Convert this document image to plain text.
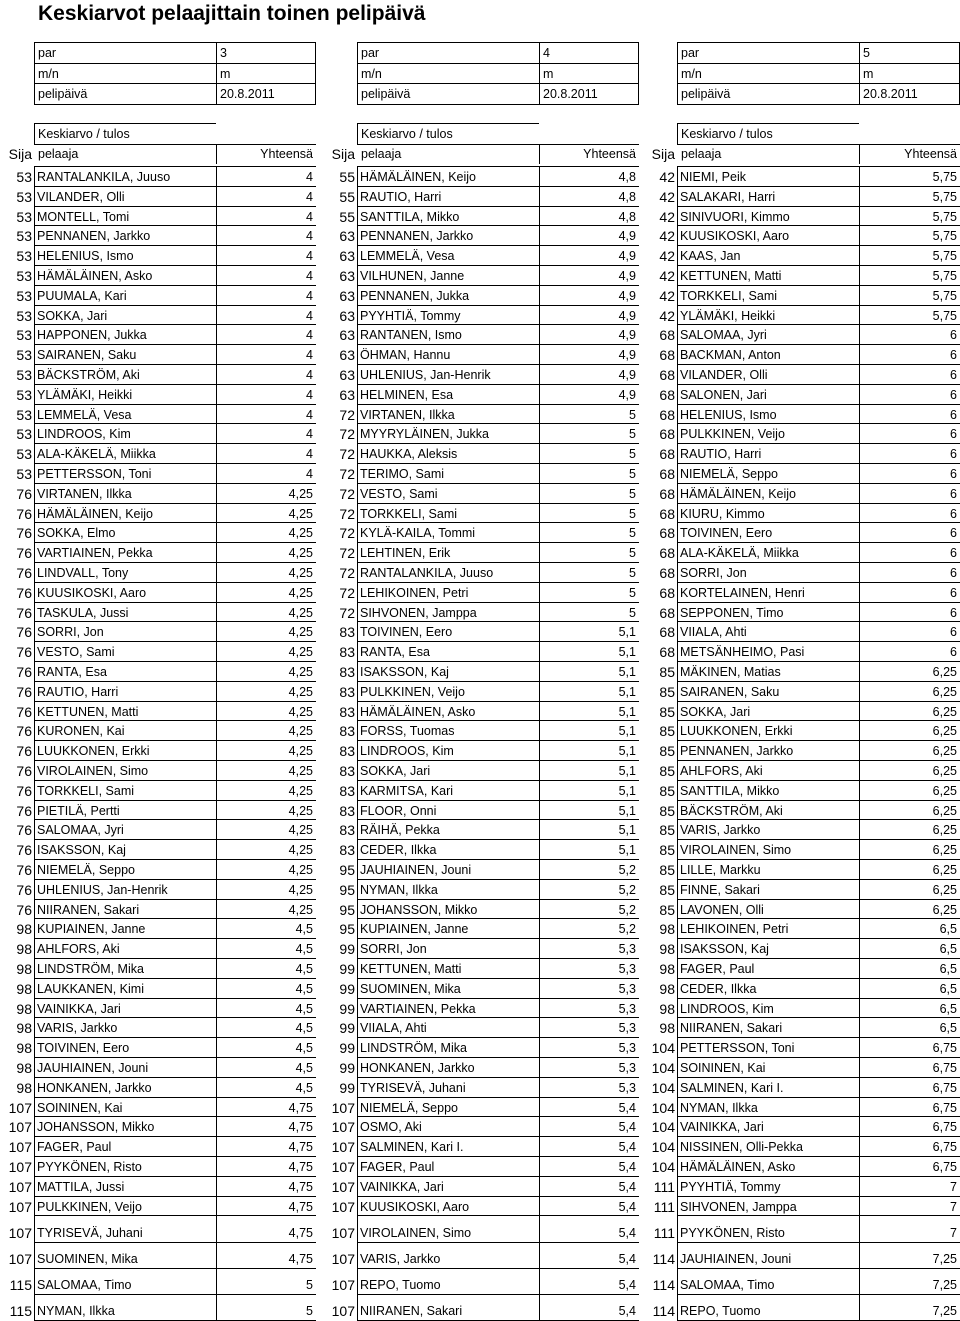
Keskiarvot pelaajittain toinen pelipäivä
par	3
m/n	m
pelipäivä	20.8.2011
Keskiarvo / tulos
Sija pelaaja	Yhteensä
53 RANTALANKILA, Juuso	4
53 VILANDER, Olli	4
53 MONTELL, Tomi	4
53 PENNANEN, Jarkko	4
53 HELENIUS, Ismo	4
53 HÄMÄLÄINEN, Asko	4
53 PUUMALA, Kari	4
53 SOKKA, Jari	4
53 HAPPONEN, Jukka	4
53 SAIRANEN, Saku	4
53 BÄCKSTRÖM, Aki	4
53 YLÄMÄKI, Heikki	4
53 LEMMELÄ, Vesa	4
53 LINDROOS, Kim	4
53 ALA-KÄKELÄ, Miikka	4
53 PETTERSSON, Toni	4
76 VIRTANEN, Ilkka	4,25
76 HÄMÄLÄINEN, Keijo	4,25
76 SOKKA, Elmo	4,25
76 VARTIAINEN, Pekka	4,25
76 LINDVALL, Tony	4,25
76 KUUSIKOSKI, Aaro	4,25
76 TASKULA, Jussi	4,25
76 SORRI, Jon	4,25
76 VESTO, Sami	4,25
76 RANTA, Esa	4,25
76 RAUTIO, Harri	4,25
76 KETTUNEN, Matti	4,25
76 KURONEN, Kai	4,25
76 LUUKKONEN, Erkki	4,25
76 VIROLAINEN, Simo	4,25
76 TORKKELI, Sami	4,25
76 PIETILÄ, Pertti	4,25
76 SALOMAA, Jyri	4,25
76 ISAKSSON, Kaj	4,25
76 NIEMELÄ, Seppo	4,25
76 UHLENIUS, Jan-Henrik	4,25
76 NIIRANEN, Sakari	4,25
98 KUPIAINEN, Janne	4,5
98 AHLFORS, Aki	4,5
98 LINDSTRÖM, Mika	4,5
98 LAUKKANEN, Kimi	4,5
98 VAINIKKA, Jari	4,5
98 VARIS, Jarkko	4,5
98 TOIVINEN, Eero	4,5
98 JAUHIAINEN, Jouni	4,5
98 HONKANEN, Jarkko	4,5
107 SOININEN, Kai	4,75
107 JOHANSSON, Mikko	4,75
107 FAGER, Paul	4,75
107 PYYKÖNEN, Risto	4,75
107 MATTILA, Jussi	4,75
107 PULKKINEN, Veijo	4,75
107 TYRISEVÄ, Juhani	4,75
107 SUOMINEN, Mika	4,75
115 SALOMAA, Timo	5
115 NYMAN, Ilkka	5
par	4
m/n	m
pelipäivä	20.8.2011
Keskiarvo / tulos
Sija pelaaja	Yhteensä
55 HÄMÄLÄINEN, Keijo	4,8
55 RAUTIO, Harri	4,8
55 SANTTILA, Mikko	4,8
63 PENNANEN, Jarkko	4,9
63 LEMMELÄ, Vesa	4,9
63 VILHUNEN, Janne	4,9
63 PENNANEN, Jukka	4,9
63 PYYHTIÄ, Tommy	4,9
63 RANTANEN, Ismo	4,9
63 ÖHMAN, Hannu	4,9
63 UHLENIUS, Jan-Henrik	4,9
63 HELMINEN, Esa	4,9
72 VIRTANEN, Ilkka	5
72 MYYRYLÄINEN, Jukka	5
72 HAUKKA, Aleksis	5
72 TERIMO, Sami	5
72 VESTO, Sami	5
72 TORKKELI, Sami	5
72 KYLÄ-KAILA, Tommi	5
72 LEHTINEN, Erik	5
72 RANTALANKILA, Juuso	5
72 LEHIKOINEN, Petri	5
72 SIHVONEN, Jamppa	5
83 TOIVINEN, Eero	5,1
83 RANTA, Esa	5,1
83 ISAKSSON, Kaj	5,1
83 PULKKINEN, Veijo	5,1
83 HÄMÄLÄINEN, Asko	5,1
83 FORSS, Tuomas	5,1
83 LINDROOS, Kim	5,1
83 SOKKA, Jari	5,1
83 KARMITSA, Kari	5,1
83 FLOOR, Onni	5,1
83 RÄIHÄ, Pekka	5,1
83 CEDER, Ilkka	5,1
95 JAUHIAINEN, Jouni	5,2
95 NYMAN, Ilkka	5,2
95 JOHANSSON, Mikko	5,2
95 KUPIAINEN, Janne	5,2
99 SORRI, Jon	5,3
99 KETTUNEN, Matti	5,3
99 SUOMINEN, Mika	5,3
99 VARTIAINEN, Pekka	5,3
99 VIIALA, Ahti	5,3
99 LINDSTRÖM, Mika	5,3
99 HONKANEN, Jarkko	5,3
99 TYRISEVÄ, Juhani	5,3
107 NIEMELÄ, Seppo	5,4
107 OSMO, Aki	5,4
107 SALMINEN, Kari I.	5,4
107 FAGER, Paul	5,4
107 VAINIKKA, Jari	5,4
107 KUUSIKOSKI, Aaro	5,4
107 VIROLAINEN, Simo	5,4
107 VARIS, Jarkko	5,4
107 REPO, Tuomo	5,4
107 NIIRANEN, Sakari	5,4
par	5
m/n	m
pelipäivä	20.8.2011
Keskiarvo / tulos
Sija pelaaja	Yhteensä
42 NIEMI, Peik	5,75
42 SALAKARI, Harri	5,75
42 SINIVUORI, Kimmo	5,75
42 KUUSIKOSKI, Aaro	5,75
42 KAAS, Jan	5,75
42 KETTUNEN, Matti	5,75
42 TORKKELI, Sami	5,75
42 YLÄMÄKI, Heikki	5,75
68 SALOMAA, Jyri	6
68 BACKMAN, Anton	6
68 VILANDER, Olli	6
68 SALONEN, Jari	6
68 HELENIUS, Ismo	6
68 PULKKINEN, Veijo	6
68 RAUTIO, Harri	6
68 NIEMELÄ, Seppo	6
68 HÄMÄLÄINEN, Keijo	6
68 KIURU, Kimmo	6
68 TOIVINEN, Eero	6
68 ALA-KÄKELÄ, Miikka	6
68 SORRI, Jon	6
68 KORTELAINEN, Henri	6
68 SEPPONEN, Timo	6
68 VIIALA, Ahti	6
68 METSÄNHEIMO, Pasi	6
85 MÄKINEN, Matias	6,25
85 SAIRANEN, Saku	6,25
85 SOKKA, Jari	6,25
85 LUUKKONEN, Erkki	6,25
85 PENNANEN, Jarkko	6,25
85 AHLFORS, Aki	6,25
85 SANTTILA, Mikko	6,25
85 BÄCKSTRÖM, Aki	6,25
85 VARIS, Jarkko	6,25
85 VIROLAINEN, Simo	6,25
85 LILLE, Markku	6,25
85 FINNE, Sakari	6,25
85 LAVONEN, Olli	6,25
98 LEHIKOINEN, Petri	6,5
98 ISAKSSON, Kaj	6,5
98 FAGER, Paul	6,5
98 CEDER, Ilkka	6,5
98 LINDROOS, Kim	6,5
98 NIIRANEN, Sakari	6,5
104 PETTERSSON, Toni	6,75
104 SOININEN, Kai	6,75
104 SALMINEN, Kari I.	6,75
104 NYMAN, Ilkka	6,75
104 VAINIKKA, Jari	6,75
104 NISSINEN, Olli-Pekka	6,75
104 HÄMÄLÄINEN, Asko	6,75
111 PYYHTIÄ, Tommy	7
111 SIHVONEN, Jamppa	7
111 PYYKÖNEN, Risto	7
114 JAUHIAINEN, Jouni	7,25
114 SALOMAA, Timo	7,25
114 REPO, Tuomo	7,25
